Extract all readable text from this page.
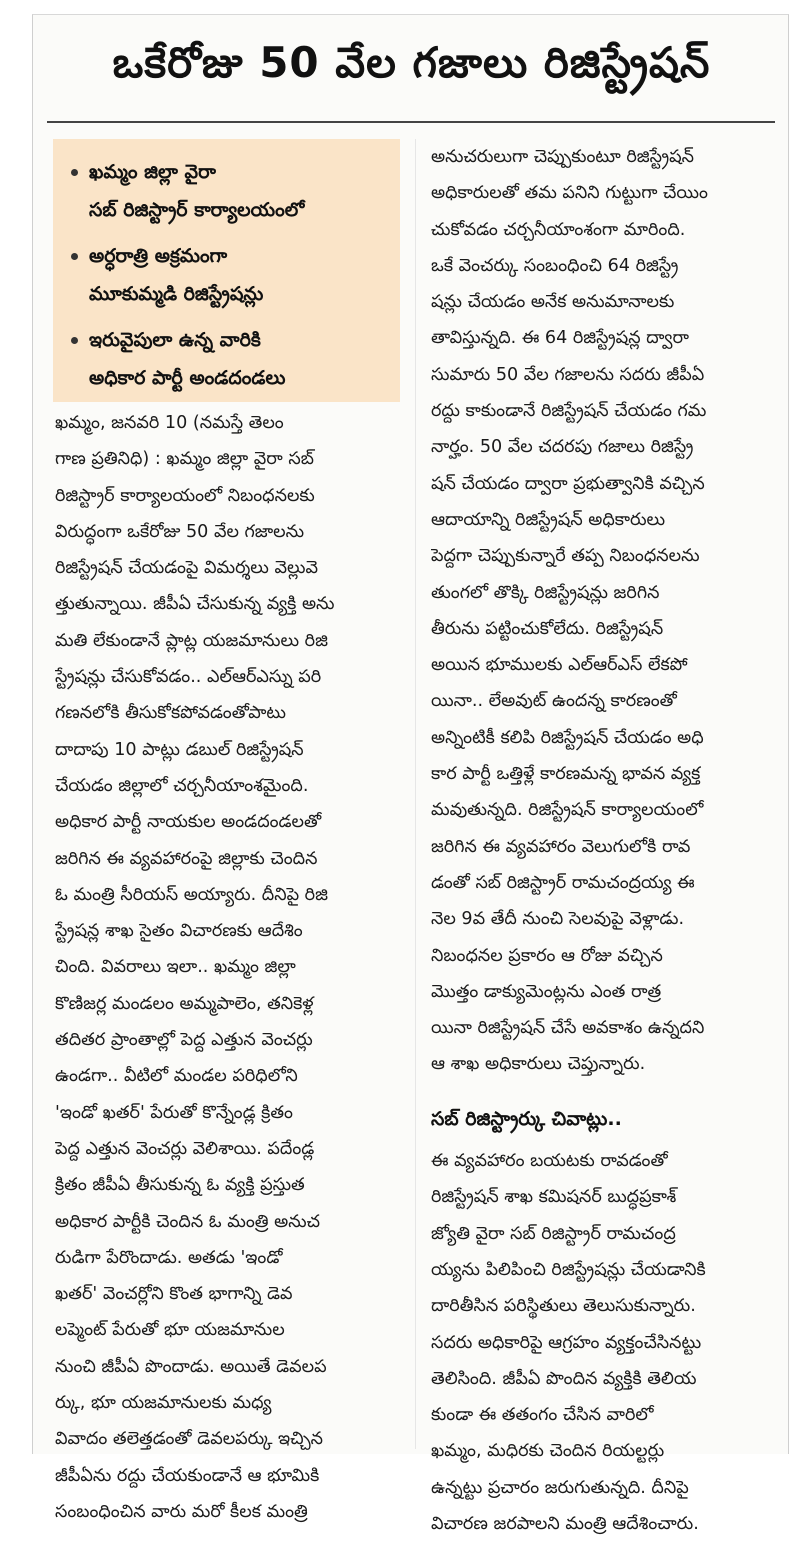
ఒకేరోజు 50 వేల గజాలు రిజిస్ట్రేషన్
ఖమ్మం జిల్లా వైరా
సబ్ రిజిస్ట్రార్ కార్యాలయంలో
అర్ధరాత్రి అక్రమంగా
మూకుమ్మడి రిజిస్ట్రేషన్లు
ఇరువైపులా ఉన్న వారికి
అధికార పార్టీ అండదండలు
ఖమ్మం, జనవరి 10 (నమస్తే తెలం
గాణ ప్రతినిధి) : ఖమ్మం జిల్లా వైరా సబ్
రిజిస్ట్రార్ కార్యాలయంలో నిబంధనలకు
విరుద్ధంగా ఒకేరోజు 50 వేల గజాలను
రిజిస్ట్రేషన్ చేయడంపై విమర్శలు వెల్లువె
త్తుతున్నాయి. జీపీఏ చేసుకున్న వ్యక్తి అను
మతి లేకుండానే ప్లాట్ల యజమానులు రిజి
స్ట్రేషన్లు చేసుకోవడం.. ఎల్ఆర్ఎస్ను పరి
గణనలోకి తీసుకోకపోవడంతోపాటు
దాదాపు 10 పాట్లు డబుల్ రిజిస్ట్రేషన్
చేయడం జిల్లాలో చర్చనీయాంశమైంది.
అధికార పార్టీ నాయకుల అండదండలతో
జరిగిన ఈ వ్యవహారంపై జిల్లాకు చెందిన
ఓ మంత్రి సీరియస్ అయ్యారు. దీనిపై రిజి
స్ట్రేషన్ల శాఖ సైతం విచారణకు ఆదేశిం
చింది. వివరాలు ఇలా.. ఖమ్మం జిల్లా
కొణిజర్ల మండలం అమ్మపాలెం, తనికెళ్ల
తదితర ప్రాంతాల్లో పెద్ద ఎత్తున వెంచర్లు
ఉండగా.. వీటిలో మండల పరిధిలోని
'ఇండో ఖతర్' పేరుతో కొన్నేండ్ల క్రితం
పెద్ద ఎత్తున వెంచర్లు వెలిశాయి. పదేండ్ల
క్రితం జీపీఏ తీసుకున్న ఓ వ్యక్తి ప్రస్తుత
అధికార పార్టీకి చెందిన ఓ మంత్రి అనుచ
రుడిగా పేరొందాడు. అతడు 'ఇండో
ఖతర్' వెంచర్లోని కొంత భాగాన్ని డెవ
లప్మెంట్ పేరుతో భూ యజమానుల
నుంచి జీపీఏ పొందాడు. అయితే డెవలప
ర్కు, భూ యజమానులకు మధ్య
వివాదం తలెత్తడంతో డెవలపర్కు ఇచ్చిన
జీపీఏను రద్దు చేయకుండానే ఆ భూమికి
సంబంధించిన వారు మరో కీలక మంత్రి
అనుచరులుగా చెప్పుకుంటూ రిజిస్ట్రేషన్
అధికారులతో తమ పనిని గుట్టుగా చేయిం
చుకోవడం చర్చనీయాంశంగా మారింది.
ఒకే వెంచర్కు సంబంధించి 64 రిజిస్ట్రే
షన్లు చేయడం అనేక అనుమానాలకు
తావిస్తున్నది. ఈ 64 రిజిస్ట్రేషన్ల ద్వారా
సుమారు 50 వేల గజాలను సదరు జీపీఏ
రద్దు కాకుండానే రిజిస్ట్రేషన్ చేయడం గమ
నార్హం. 50 వేల చదరపు గజాలు రిజిస్ట్రే
షన్ చేయడం ద్వారా ప్రభుత్వానికి వచ్చిన
ఆదాయాన్ని రిజిస్ట్రేషన్ అధికారులు
పెద్దగా చెప్పుకున్నారే తప్ప నిబంధనలను
తుంగలో తొక్కి రిజిస్ట్రేషన్లు జరిగిన
తీరును పట్టించుకోలేదు. రిజిస్ట్రేషన్
అయిన భూములకు ఎల్ఆర్ఎస్ లేకపో
యినా.. లేఅవుట్ ఉందన్న కారణంతో
అన్నింటికీ కలిపి రిజిస్ట్రేషన్ చేయడం అధి
కార పార్టీ ఒత్తిళ్లే కారణమన్న భావన వ్యక్త
మవుతున్నది. రిజిస్ట్రేషన్ కార్యాలయంలో
జరిగిన ఈ వ్యవహారం వెలుగులోకి రావ
డంతో సబ్ రిజిస్ట్రార్ రామచంద్రయ్య ఈ
నెల 9వ తేదీ నుంచి సెలవుపై వెళ్లాడు.
నిబంధనల ప్రకారం ఆ రోజు వచ్చిన
మొత్తం డాక్యుమెంట్లను ఎంత రాత్ర
యినా రిజిస్ట్రేషన్ చేసే అవకాశం ఉన్నదని
ఆ శాఖ అధికారులు చెప్తున్నారు.
సబ్ రిజిస్ట్రార్కు చివాట్లు..
ఈ వ్యవహారం బయటకు రావడంతో
రిజిస్ట్రేషన్ శాఖ కమిషనర్ బుద్ధప్రకాశ్
జ్యోతి వైరా సబ్ రిజిస్ట్రార్ రామచంద్ర
య్యను పిలిపించి రిజిస్ట్రేషన్లు చేయడానికి
దారితీసిన పరిస్థితులు తెలుసుకున్నారు.
సదరు అధికారిపై ఆగ్రహం వ్యక్తంచేసినట్టు
తెలిసింది. జీపీఏ పొందిన వ్యక్తికి తెలియ
కుండా ఈ తతంగం చేసిన వారిలో
ఖమ్మం, మధిరకు చెందిన రియల్టర్లు
ఉన్నట్టు ప్రచారం జరుగుతున్నది. దీనిపై
విచారణ జరపాలని మంత్రి ఆదేశించారు.
